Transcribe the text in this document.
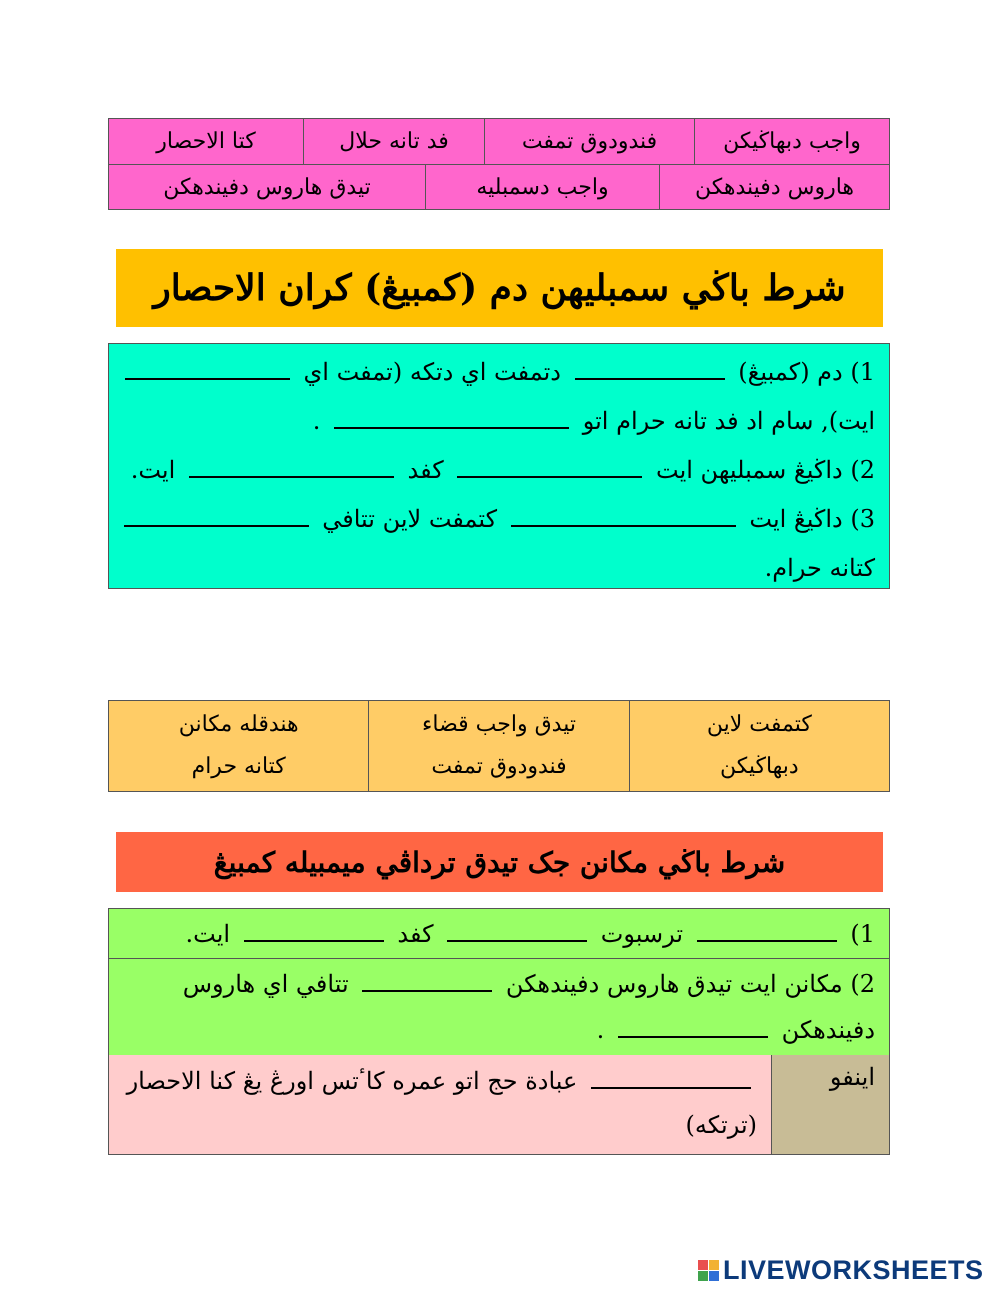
واجب دبهاڬيکن
فندودوق تمفت
فد تانه حلال
کتا الاحصار
هاروس دفيندهکن
واجب دسمبليه
تيدق هاروس دفيندهکن
شرط باڬي سمبليهن دم (کمبيڠ) کران الاحصار
1) دم (کمبيڠ)  دتمفت اي دتکه (تمفت اي
ايت), سام اد فد تانه حرام اتو  .
2) داڬيڠ سمبليهن ايت  کفد  ايت.
3) داڬيڠ ايت  کتمفت لاين تتافي
کتانه حرام.
کتمفت لاين
دبهاڬيکن
تيدق واجب قضاء
فندودوق تمفت
هندقله مکانن
کتانه حرام
شرط باڬي مکانن جک تيدق ترداڤي ميمبيله کمبيڠ
1)  ترسبوت  کفد  ايت.
2) مکانن ايت تيدق هاروس دفيندهکن  تتافي اي هاروس
دفيندهکن  .
اينفو
عبادة حج اتو عمره کاٴتس اورڠ يڠ کنا الاحصار
(ترتکه)
LIVEWORKSHEETS
